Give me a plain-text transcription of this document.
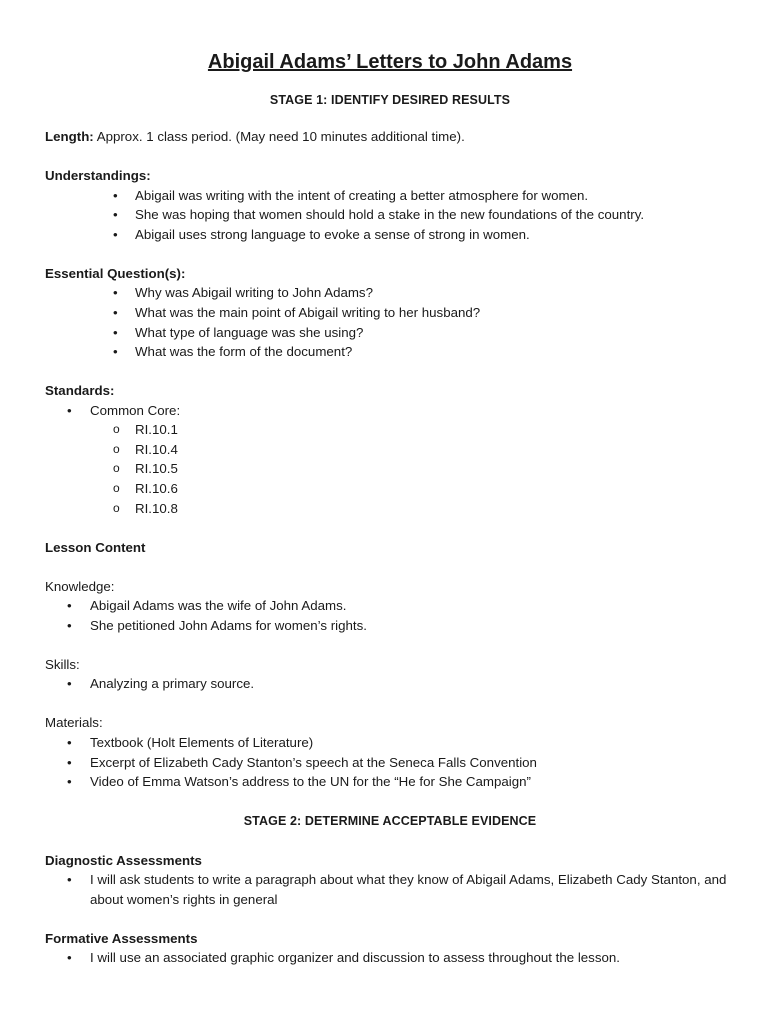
Abigail Adams’ Letters to John Adams
STAGE 1: IDENTIFY DESIRED RESULTS
Length: Approx. 1 class period. (May need 10 minutes additional time).
Understandings:
• Abigail was writing with the intent of creating a better atmosphere for women.
• She was hoping that women should hold a stake in the new foundations of the country.
• Abigail uses strong language to evoke a sense of strong in women.
Essential Question(s):
• Why was Abigail writing to John Adams?
• What was the main point of Abigail writing to her husband?
• What type of language was she using?
• What was the form of the document?
Standards:
• Common Core:
o RI.10.1
o RI.10.4
o RI.10.5
o RI.10.6
o RI.10.8
Lesson Content
Knowledge:
• Abigail Adams was the wife of John Adams.
• She petitioned John Adams for women’s rights.
Skills:
• Analyzing a primary source.
Materials:
• Textbook (Holt Elements of Literature)
• Excerpt of Elizabeth Cady Stanton’s speech at the Seneca Falls Convention
• Video of Emma Watson’s address to the UN for the “He for She Campaign”
STAGE 2: DETERMINE ACCEPTABLE EVIDENCE
Diagnostic Assessments
• I will ask students to write a paragraph about what they know of Abigail Adams, Elizabeth Cady Stanton, and about women’s rights in general
Formative Assessments
• I will use an associated graphic organizer and discussion to assess throughout the lesson.
